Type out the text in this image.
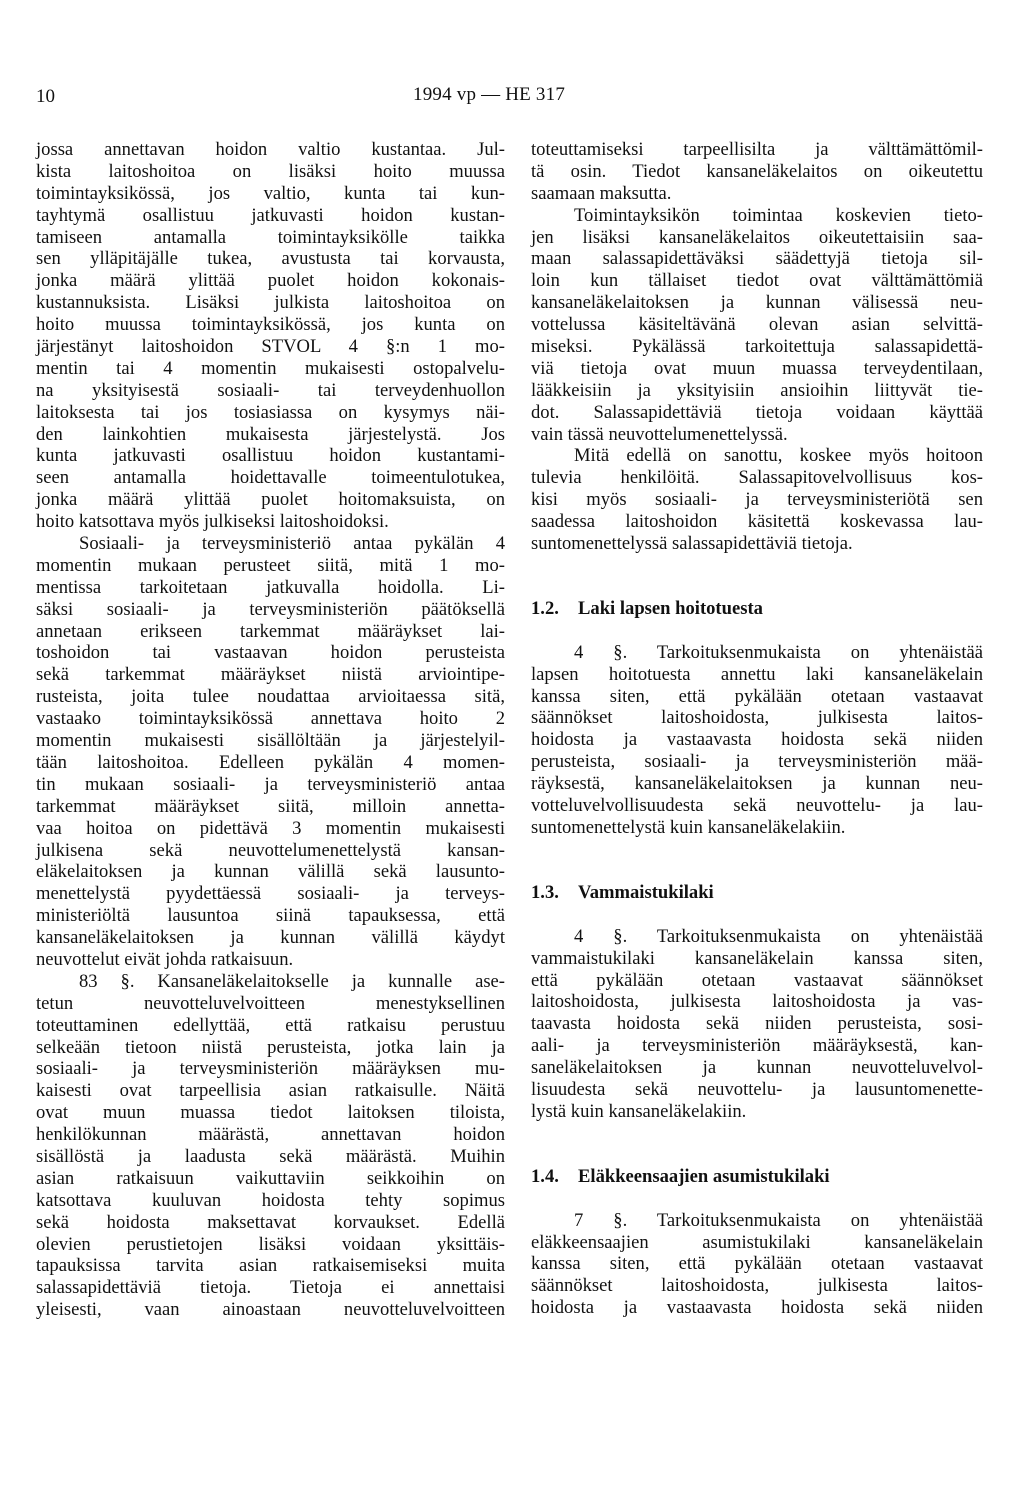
10	1994 vp — HE 317
jossa annettavan hoidon valtio kustantaa. Jul-
kista laitoshoitoa on lisäksi hoito muussa
toimintayksikössä, jos valtio, kunta tai kun-
tayhtymä osallistuu jatkuvasti hoidon kustan-
tamiseen antamalla toimintayksikölle taikka
sen ylläpitäjälle tukea, avustusta tai korvausta,
jonka määrä ylittää puolet hoidon kokonais-
kustannuksista. Lisäksi julkista laitoshoitoa on
hoito muussa toimintayksikössä, jos kunta on
järjestänyt laitoshoidon STVOL 4 §:n 1 mo-
mentin tai 4 momentin mukaisesti ostopalvelu-
na yksityisestä sosiaali- tai terveydenhuollon
laitoksesta tai jos tosiasiassa on kysymys näi-
den lainkohtien mukaisesta järjestelystä. Jos
kunta jatkuvasti osallistuu hoidon kustantami-
seen antamalla hoidettavalle toimeentulotukea,
jonka määrä ylittää puolet hoitomaksuista, on
hoito katsottava myös julkiseksi laitoshoidoksi.
Sosiaali- ja terveysministeriö antaa pykälän 4
momentin mukaan perusteet siitä, mitä 1 mo-
mentissa tarkoitetaan jatkuvalla hoidolla. Li-
säksi sosiaali- ja terveysministeriön päätöksellä
annetaan erikseen tarkemmat määräykset lai-
toshoidon tai vastaavan hoidon perusteista
sekä tarkemmat määräykset niistä arviointipe-
rusteista, joita tulee noudattaa arvioitaessa sitä,
vastaako toimintayksikössä annettava hoito 2
momentin mukaisesti sisällöltään ja järjestelyil-
tään laitoshoitoa. Edelleen pykälän 4 momen-
tin mukaan sosiaali- ja terveysministeriö antaa
tarkemmat määräykset siitä, milloin annetta-
vaa hoitoa on pidettävä 3 momentin mukaisesti
julkisena sekä neuvottelumenettelystä kansan-
eläkelaitoksen ja kunnan välillä sekä lausunto-
menettelystä pyydettäessä sosiaali- ja terveys-
ministeriöltä lausuntoa siinä tapauksessa, että
kansaneläkelaitoksen ja kunnan välillä käydyt
neuvottelut eivät johda ratkaisuun.
83 §. Kansaneläkelaitokselle ja kunnalle ase-
tetun neuvotteluvelvoitteen menestyksellinen
toteuttaminen edellyttää, että ratkaisu perustuu
selkeään tietoon niistä perusteista, jotka lain ja
sosiaali- ja terveysministeriön määräyksen mu-
kaisesti ovat tarpeellisia asian ratkaisulle. Näitä
ovat muun muassa tiedot laitoksen tiloista,
henkilökunnan määrästä, annettavan hoidon
sisällöstä ja laadusta sekä määrästä. Muihin
asian ratkaisuun vaikuttaviin seikkoihin on
katsottava kuuluvan hoidosta tehty sopimus
sekä hoidosta maksettavat korvaukset. Edellä
olevien perustietojen lisäksi voidaan yksittäis-
tapauksissa tarvita asian ratkaisemiseksi muita
salassapidettäviä tietoja. Tietoja ei annettaisi
yleisesti, vaan ainoastaan neuvotteluvelvoitteen
toteuttamiseksi tarpeellisilta ja välttämättömil-
tä osin. Tiedot kansaneläkelaitos on oikeutettu
saamaan maksutta.
Toimintayksikön toimintaa koskevien tieto-
jen lisäksi kansaneläkelaitos oikeutettaisiin saa-
maan salassapidettäväksi säädettyjä tietoja sil-
loin kun tällaiset tiedot ovat välttämättömiä
kansaneläkelaitoksen ja kunnan välisessä neu-
vottelussa käsiteltävänä olevan asian selvittä-
miseksi. Pykälässä tarkoitettuja salassapidettä-
viä tietoja ovat muun muassa terveydentilaan,
lääkkeisiin ja yksityisiin ansioihin liittyvät tie-
dot. Salassapidettäviä tietoja voidaan käyttää
vain tässä neuvottelumenettelyssä.
Mitä edellä on sanottu, koskee myös hoitoon
tulevia henkilöitä. Salassapitovelvollisuus kos-
kisi myös sosiaali- ja terveysministeriötä sen
saadessa laitoshoidon käsitettä koskevassa lau-
suntomenettelyssä salassapidettäviä tietoja.
1.2. Laki lapsen hoitotuesta
4 §. Tarkoituksenmukaista on yhtenäistää
lapsen hoitotuesta annettu laki kansaneläkelain
kanssa siten, että pykälään otetaan vastaavat
säännökset laitoshoidosta, julkisesta laitos-
hoidosta ja vastaavasta hoidosta sekä niiden
perusteista, sosiaali- ja terveysministeriön mää-
räyksestä, kansaneläkelaitoksen ja kunnan neu-
votteluvelvollisuudesta sekä neuvottelu- ja lau-
suntomenettelystä kuin kansaneläkelakiin.
1.3. Vammaistukilaki
4 §. Tarkoituksenmukaista on yhtenäistää
vammaistukilaki kansaneläkelain kanssa siten,
että pykälään otetaan vastaavat säännökset
laitoshoidosta, julkisesta laitoshoidosta ja vas-
taavasta hoidosta sekä niiden perusteista, sosi-
aali- ja terveysministeriön määräyksestä, kan-
saneläkelaitoksen ja kunnan neuvotteluvelvol-
lisuudesta sekä neuvottelu- ja lausuntomenette-
lystä kuin kansaneläkelakiin.
1.4. Eläkkeensaajien asumistukilaki
7 §. Tarkoituksenmukaista on yhtenäistää
eläkkeensaajien asumistukilaki kansaneläkelain
kanssa siten, että pykälään otetaan vastaavat
säännökset laitoshoidosta, julkisesta laitos-
hoidosta ja vastaavasta hoidosta sekä niiden
